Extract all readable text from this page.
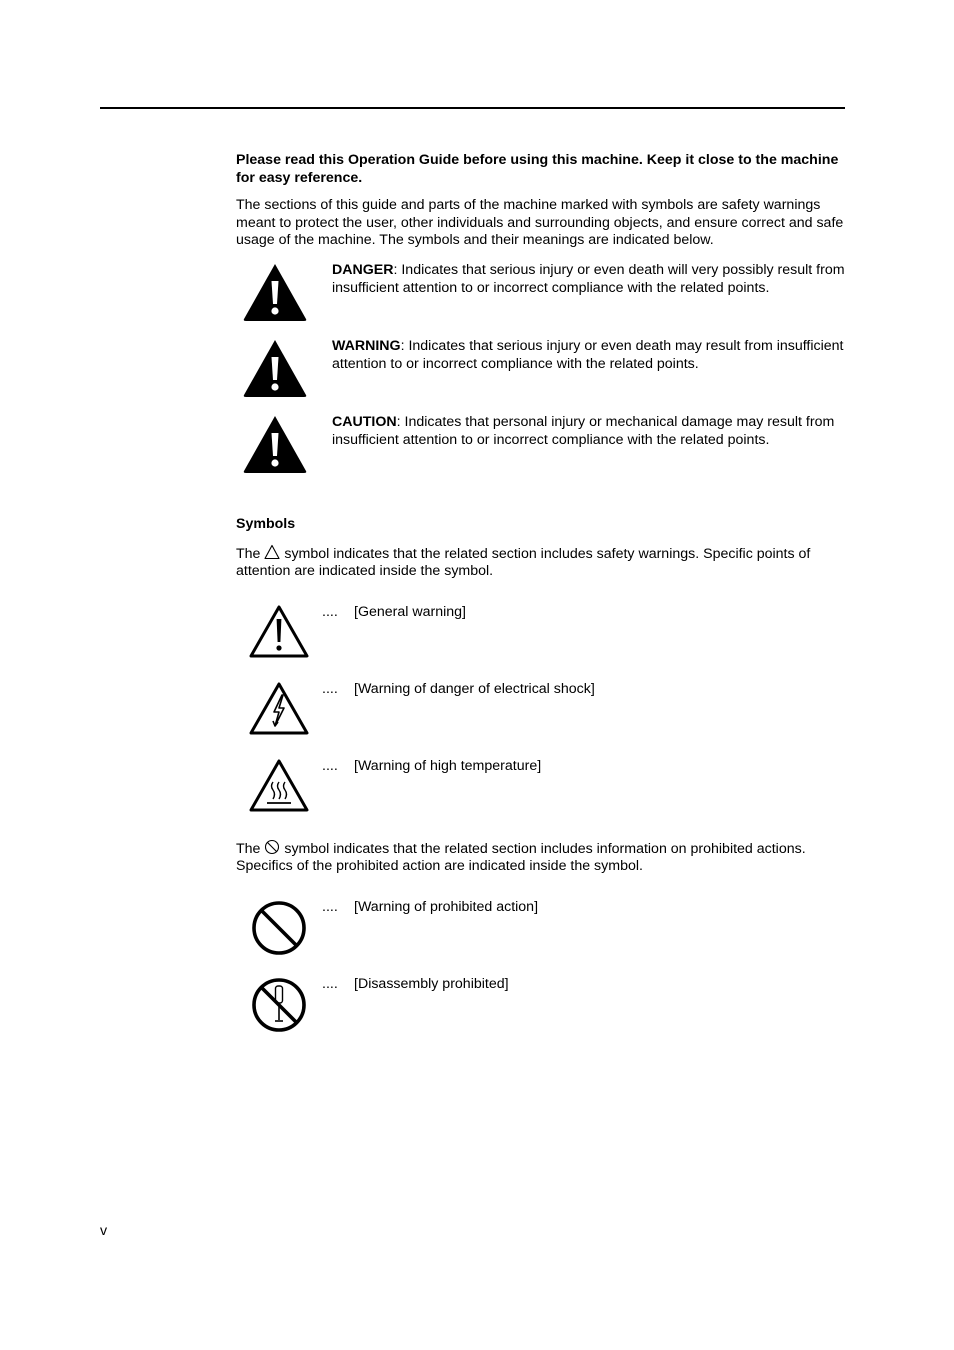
Please read this Operation Guide before using this machine. Keep it close to the machine for easy reference.

The sections of this guide and parts of the machine marked with symbols are safety warnings meant to protect the user, other individuals and surrounding objects, and ensure correct and safe usage of the machine. The symbols and their meanings are indicated below.

DANGER: Indicates that serious injury or even death will very possibly result from insufficient attention to or incorrect compliance with the related points.

WARNING: Indicates that serious injury or even death may result from insufficient attention to or incorrect compliance with the related points.

CAUTION: Indicates that personal injury or mechanical damage may result from insufficient attention to or incorrect compliance with the related points.

Symbols

The symbol indicates that the related section includes safety warnings. Specific points of attention are indicated inside the symbol.

.... [General warning]
.... [Warning of danger of electrical shock]
.... [Warning of high temperature]

The symbol indicates that the related section includes information on prohibited actions. Specifics of the prohibited action are indicated inside the symbol.

.... [Warning of prohibited action]
.... [Disassembly prohibited]
v
